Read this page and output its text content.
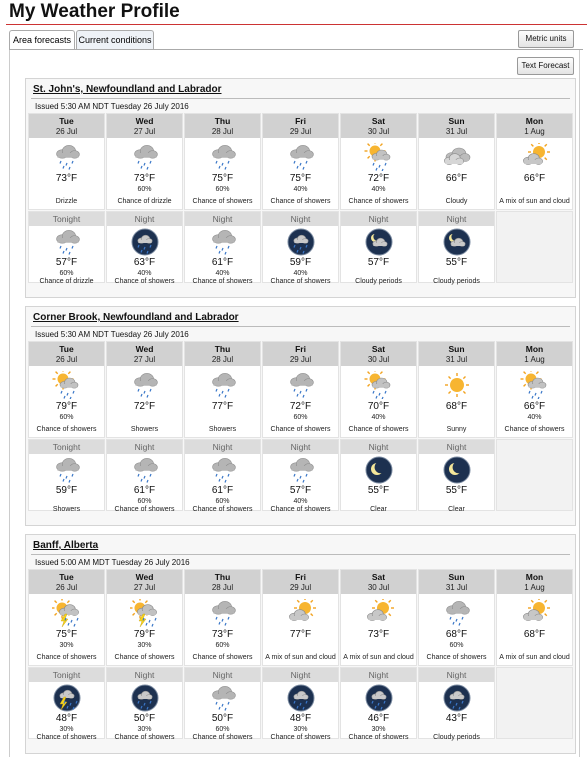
My Weather Profile
Area forecasts Current conditions	Metric units
Text Forecast
St. John's, Newfoundland and Labrador
Issued 5:30 AM NDT Tuesday 26 July 2016
Tue
26 Jul
73°F
Drizzle
Wed
27 Jul
73°F
60%
Chance of drizzle
Thu
28 Jul
75°F
60%
Chance of showers
Fri
29 Jul
75°F
40%
Chance of showers
Sat
30 Jul
72°F
40%
Chance of showers
Sun
31 Jul
66°F
Cloudy
Mon
1 Aug
66°F
A mix of sun and cloud
Tonight
57°F
60%
Chance of drizzle
Night
63°F
40%
Chance of showers
Night
61°F
40%
Chance of showers
Night
59°F
40%
Chance of showers
Night
57°F
Cloudy periods
Night
55°F
Cloudy periods
Corner Brook, Newfoundland and Labrador
Issued 5:30 AM NDT Tuesday 26 July 2016
Tue
26 Jul
79°F
60%
Chance of showers
Wed
27 Jul
72°F
Showers
Thu
28 Jul
77°F
Showers
Fri
29 Jul
72°F
60%
Chance of showers
Sat
30 Jul
70°F
40%
Chance of showers
Sun
31 Jul
68°F
Sunny
Mon
1 Aug
66°F
40%
Chance of showers
Tonight
59°F
Showers
Night
61°F
60%
Chance of showers
Night
61°F
60%
Chance of showers
Night
57°F
40%
Chance of showers
Night
55°F
Clear
Night
55°F
Clear
Banff, Alberta
Issued 5:00 AM MDT Tuesday 26 July 2016
Tue
26 Jul
75°F
30%
Chance of showers
Wed
27 Jul
79°F
30%
Chance of showers
Thu
28 Jul
73°F
60%
Chance of showers
Fri
29 Jul
77°F
A mix of sun and cloud
Sat
30 Jul
73°F
A mix of sun and cloud
Sun
31 Jul
68°F
60%
Chance of showers
Mon
1 Aug
68°F
A mix of sun and cloud
Tonight
48°F
30%
Chance of showers
Night
50°F
30%
Chance of showers
Night
50°F
60%
Chance of showers
Night
48°F
30%
Chance of showers
Night
46°F
30%
Chance of showers
Night
43°F
Cloudy periods
